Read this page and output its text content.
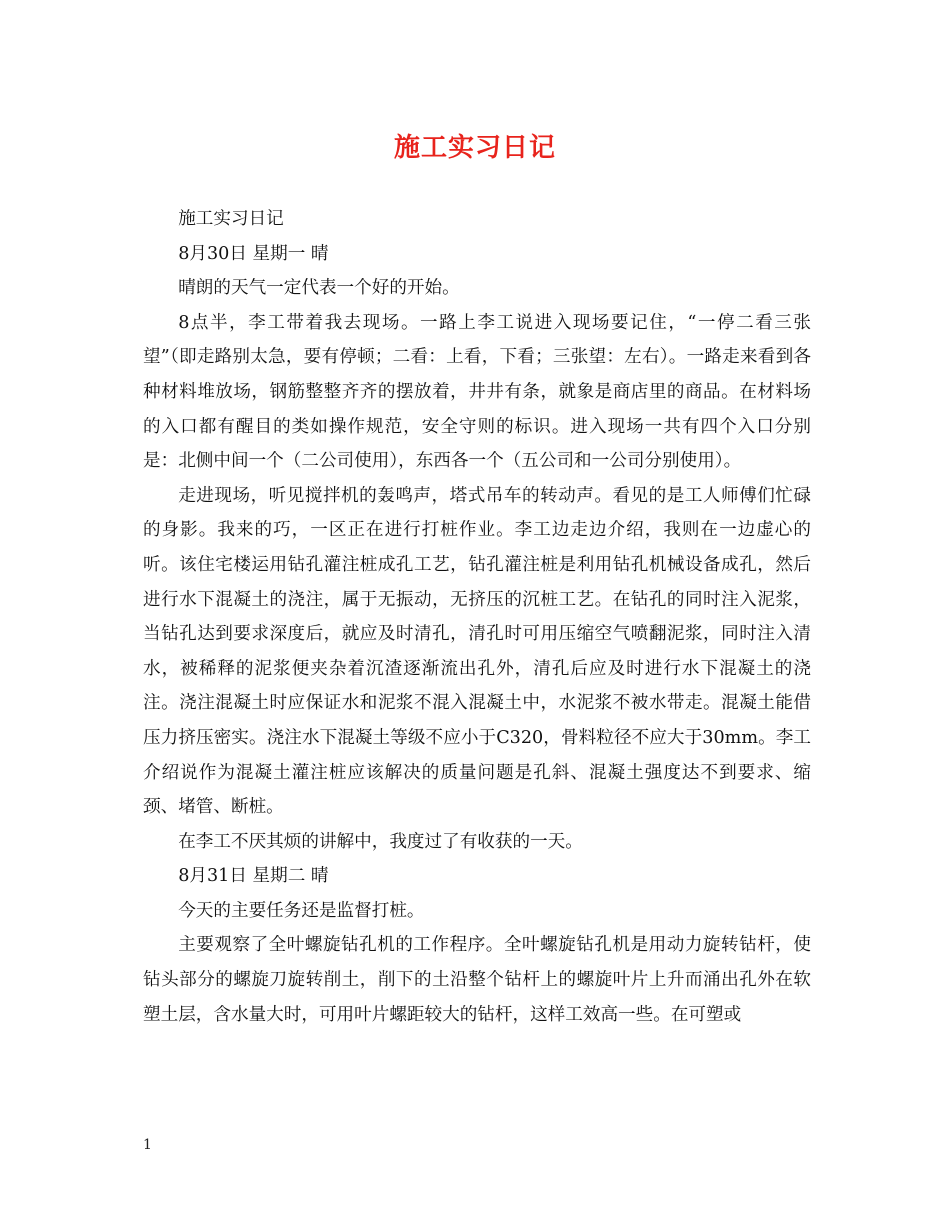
施工实习日记

施工实习日记

8月30日 星期一 晴

晴朗的天气一定代表一个好的开始。

8点半，李工带着我去现场。一路上李工说进入现场要记住，“一停二看三张望”（即走路别太急，要有停顿；二看：上看，下看；三张望：左右）。一路走来看到各种材料堆放场，钢筋整整齐齐的摆放着，井井有条，就象是商店里的商品。在材料场的入口都有醒目的类如操作规范，安全守则的标识。进入现场一共有四个入口分别是：北侧中间一个（二公司使用），东西各一个（五公司和一公司分别使用）。

走进现场，听见搅拌机的轰鸣声，塔式吊车的转动声。看见的是工人师傅们忙碌的身影。我来的巧，一区正在进行打桩作业。李工边走边介绍，我则在一边虚心的听。该住宅楼运用钻孔灌注桩成孔工艺，钻孔灌注桩是利用钻孔机械设备成孔，然后进行水下混凝土的浇注，属于无振动，无挤压的沉桩工艺。在钻孔的同时注入泥浆，当钻孔达到要求深度后，就应及时清孔，清孔时可用压缩空气喷翻泥浆，同时注入清水，被稀释的泥浆便夹杂着沉渣逐渐流出孔外，清孔后应及时进行水下混凝土的浇注。浇注混凝土时应保证水和泥浆不混入混凝土中，水泥浆不被水带走。混凝土能借压力挤压密实。浇注水下混凝土等级不应小于C320，骨料粒径不应大于30mm。李工介绍说作为混凝土灌注桩应该解决的质量问题是孔斜、混凝土强度达不到要求、缩颈、堵管、断桩。

在李工不厌其烦的讲解中，我度过了有收获的一天。

8月31日 星期二 晴

今天的主要任务还是监督打桩。

主要观察了全叶螺旋钻孔机的工作程序。全叶螺旋钻孔机是用动力旋转钻杆，使钻头部分的螺旋刀旋转削土，削下的土沿整个钻杆上的螺旋叶片上升而涌出孔外在软塑土层，含水量大时，可用叶片螺距较大的钻杆，这样工效高一些。在可塑或

1
